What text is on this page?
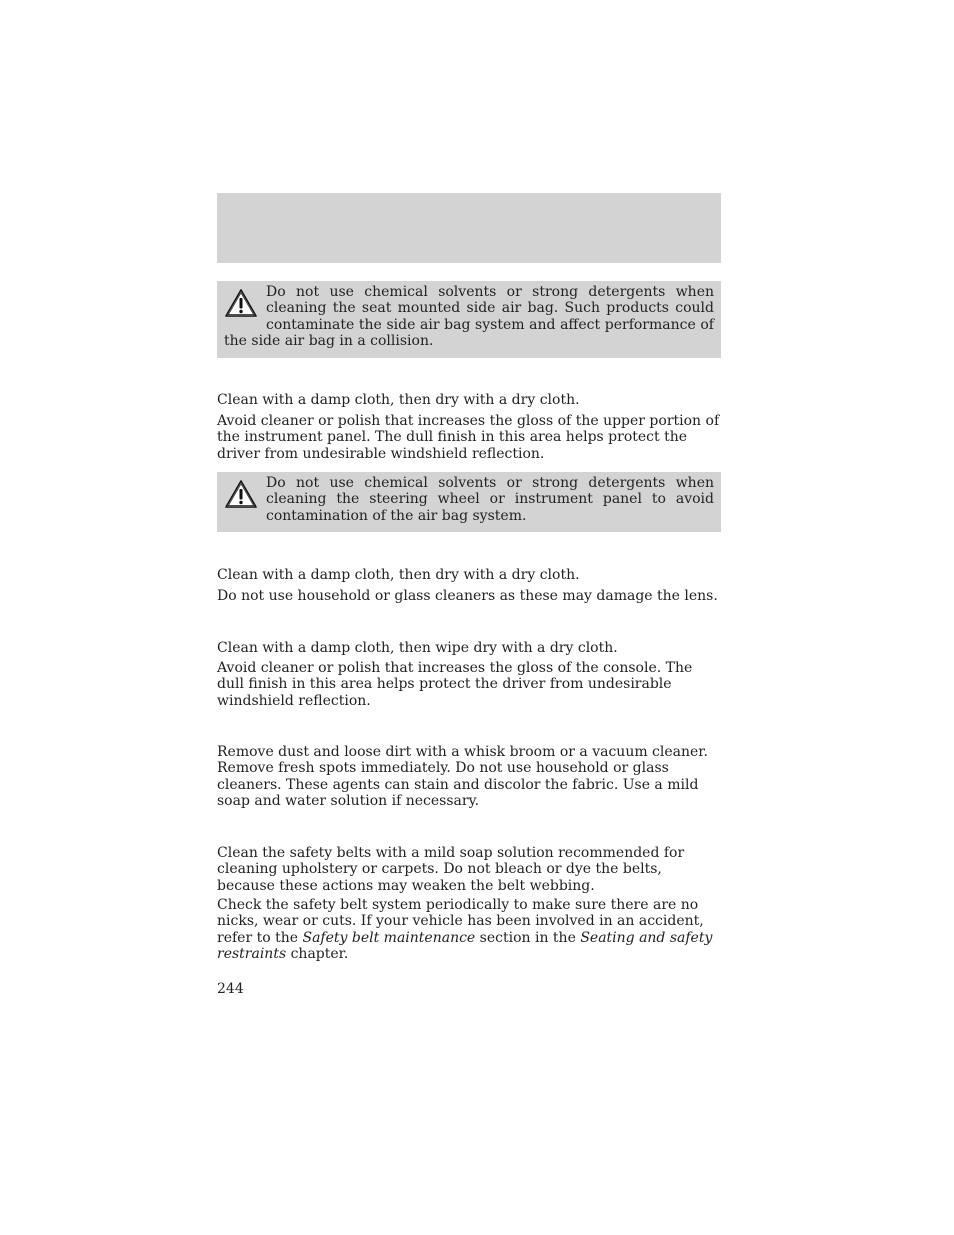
Do not use chemical solvents or strong detergents when cleaning the seat mounted side air bag. Such products could contaminate the side air bag system and affect performance of the side air bag in a collision.

Clean with a damp cloth, then dry with a dry cloth.

Avoid cleaner or polish that increases the gloss of the upper portion of the instrument panel. The dull finish in this area helps protect the driver from undesirable windshield reflection.

Do not use chemical solvents or strong detergents when cleaning the steering wheel or instrument panel to avoid contamination of the air bag system.

Clean with a damp cloth, then dry with a dry cloth.

Do not use household or glass cleaners as these may damage the lens.

Clean with a damp cloth, then wipe dry with a dry cloth.

Avoid cleaner or polish that increases the gloss of the console. The dull finish in this area helps protect the driver from undesirable windshield reflection.

Remove dust and loose dirt with a whisk broom or a vacuum cleaner. Remove fresh spots immediately. Do not use household or glass cleaners. These agents can stain and discolor the fabric. Use a mild soap and water solution if necessary.

Clean the safety belts with a mild soap solution recommended for cleaning upholstery or carpets. Do not bleach or dye the belts, because these actions may weaken the belt webbing.

Check the safety belt system periodically to make sure there are no nicks, wear or cuts. If your vehicle has been involved in an accident, refer to the Safety belt maintenance section in the Seating and safety restraints chapter.

244
